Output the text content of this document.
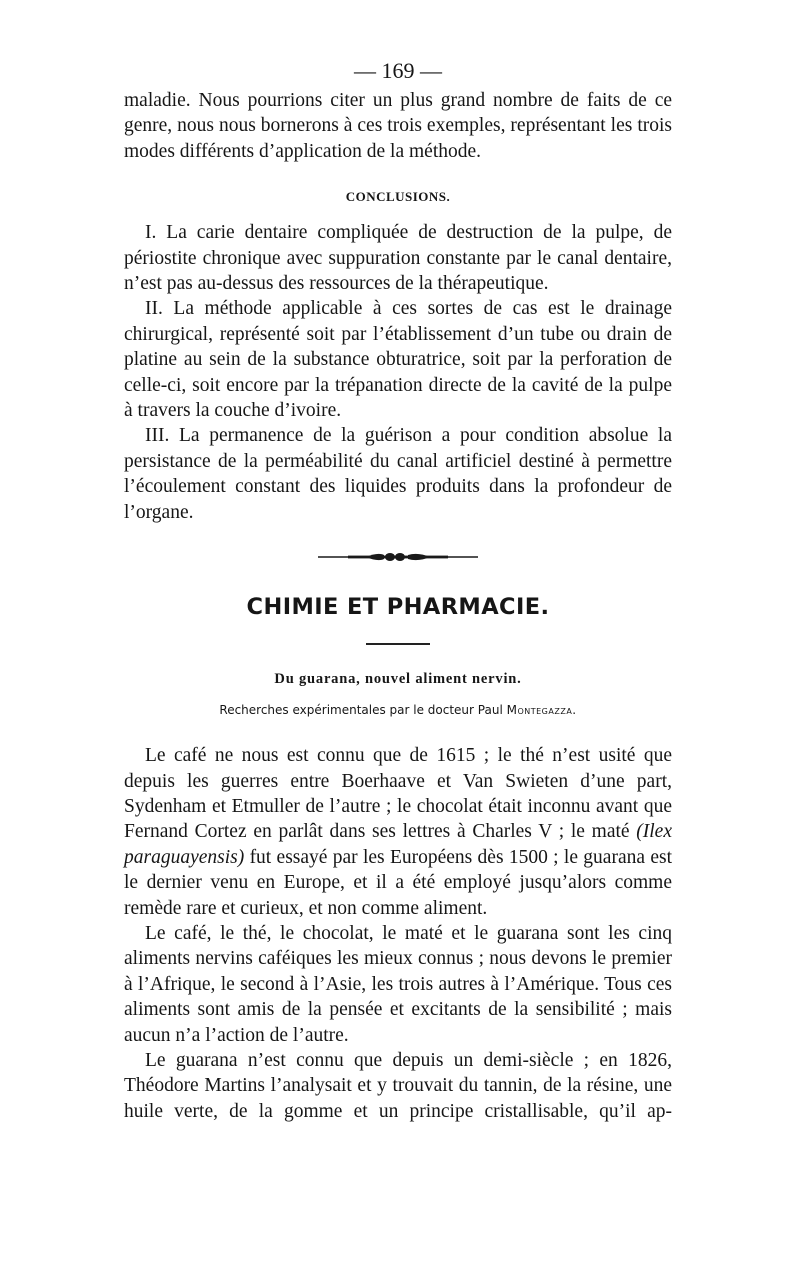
— 169 —

maladie. Nous pourrions citer un plus grand nombre de faits de ce genre, nous nous bornerons à ces trois exemples, représentant les trois modes différents d’application de la méthode.

CONCLUSIONS.

I. La carie dentaire compliquée de destruction de la pulpe, de périostite chronique avec suppuration constante par le canal dentaire, n’est pas au-dessus des ressources de la thérapeutique.

II. La méthode applicable à ces sortes de cas est le drainage chirurgical, représenté soit par l’établissement d’un tube ou drain de platine au sein de la substance obturatrice, soit par la perforation de celle-ci, soit encore par la trépanation directe de la cavité de la pulpe à travers la couche d’ivoire.

III. La permanence de la guérison a pour condition absolue la persistance de la perméabilité du canal artificiel destiné à permettre l’écoulement constant des liquides produits dans la profondeur de l’organe.

CHIMIE ET PHARMACIE.
Du guarana, nouvel aliment nervin.
Recherches expérimentales par le docteur Paul Montegazza.

Le café ne nous est connu que de 1615 ; le thé n’est usité que depuis les guerres entre Boerhaave et Van Swieten d’une part, Sydenham et Etmuller de l’autre ; le chocolat était inconnu avant que Fernand Cortez en parlât dans ses lettres à Charles V ; le maté (Ilex paraguayensis) fut essayé par les Européens dès 1500 ; le guarana est le dernier venu en Europe, et il a été employé jusqu’alors comme remède rare et curieux, et non comme aliment.

Le café, le thé, le chocolat, le maté et le guarana sont les cinq aliments nervins caféiques les mieux connus ; nous devons le premier à l’Afrique, le second à l’Asie, les trois autres à l’Amérique. Tous ces aliments sont amis de la pensée et excitants de la sensibilité ; mais aucun n’a l’action de l’autre.

Le guarana n’est connu que depuis un demi-siècle ; en 1826, Théodore Martins l’analysait et y trouvait du tannin, de la résine, une huile verte, de la gomme et un principe cristallisable, qu’il ap-
